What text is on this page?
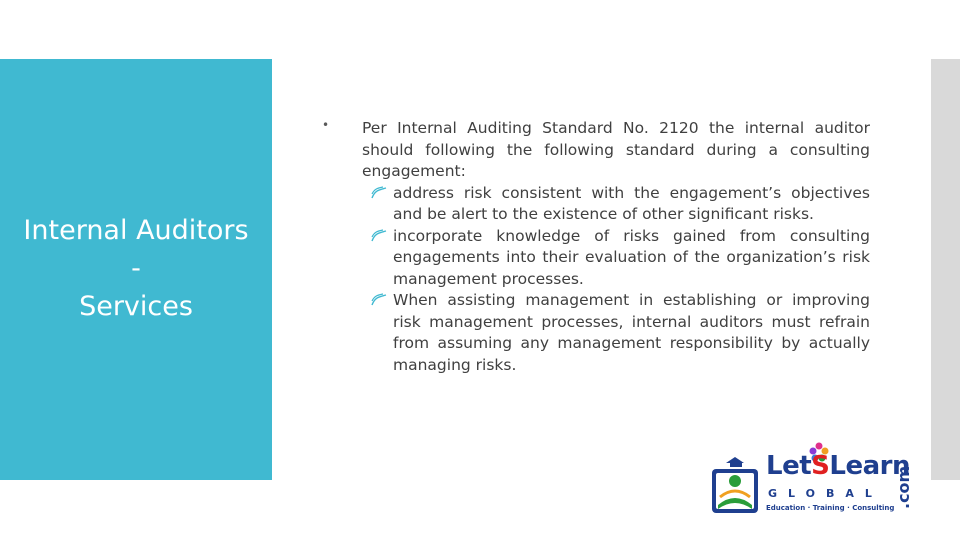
Internal Auditors
-
Services
• Per Internal Auditing Standard No. 2120 the internal auditor should following the following standard during a consulting engagement:
address risk consistent with the engagement’s objectives and be alert to the existence of other significant risks.
incorporate knowledge of risks gained from consulting engagements into their evaluation of the organization’s risk management processes.
When assisting management in establishing or improving risk management processes, internal auditors must refrain from assuming any management responsibility by actually managing risks.
LetSLearn
GLOBAL
Education · Training · Consulting .com
